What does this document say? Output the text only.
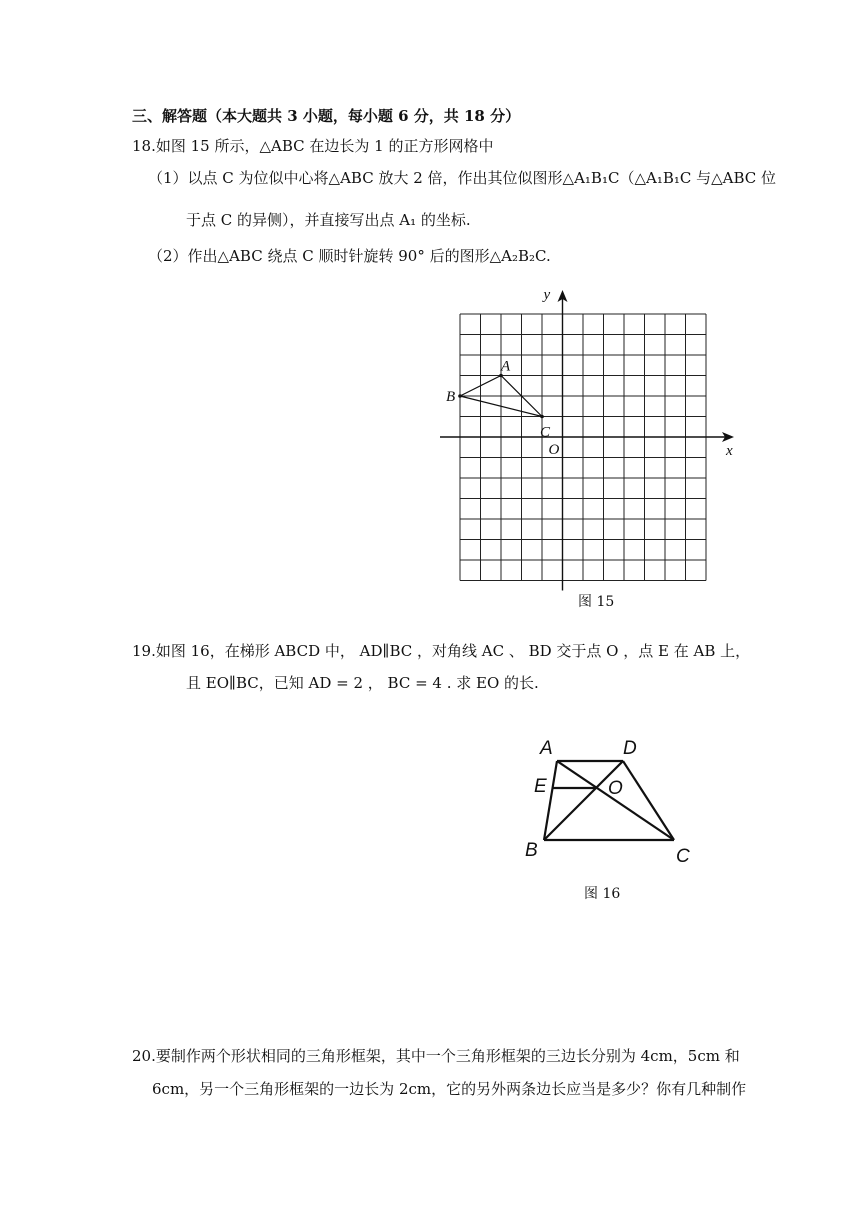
三、解答题（本大题共 3 小题，每小题 6 分，共 18 分）
18.如图 15 所示，△ABC 在边长为 1 的正方形网格中
（1）以点 C 为位似中心将△ABC 放大 2 倍，作出其位似图形△A₁B₁C（△A₁B₁C 与△ABC 位
于点 C 的异侧），并直接写出点 A₁ 的坐标.
（2）作出△ABC 绕点 C 顺时针旋转 90° 后的图形△A₂B₂C.
A
B
C
O	x
y
图 15
19.如图 16，在梯形 ABCD 中， AD∥BC ，对角线 AC 、 BD 交于点 O ，点 E 在 AB 上，
且 EO∥BC，已知 AD = 2 ， BC = 4 . 求 EO 的长.
A	D
E	O
B	C
图 16
20.要制作两个形状相同的三角形框架，其中一个三角形框架的三边长分别为 4cm，5cm 和
6cm，另一个三角形框架的一边长为 2cm，它的另外两条边长应当是多少？你有几种制作
